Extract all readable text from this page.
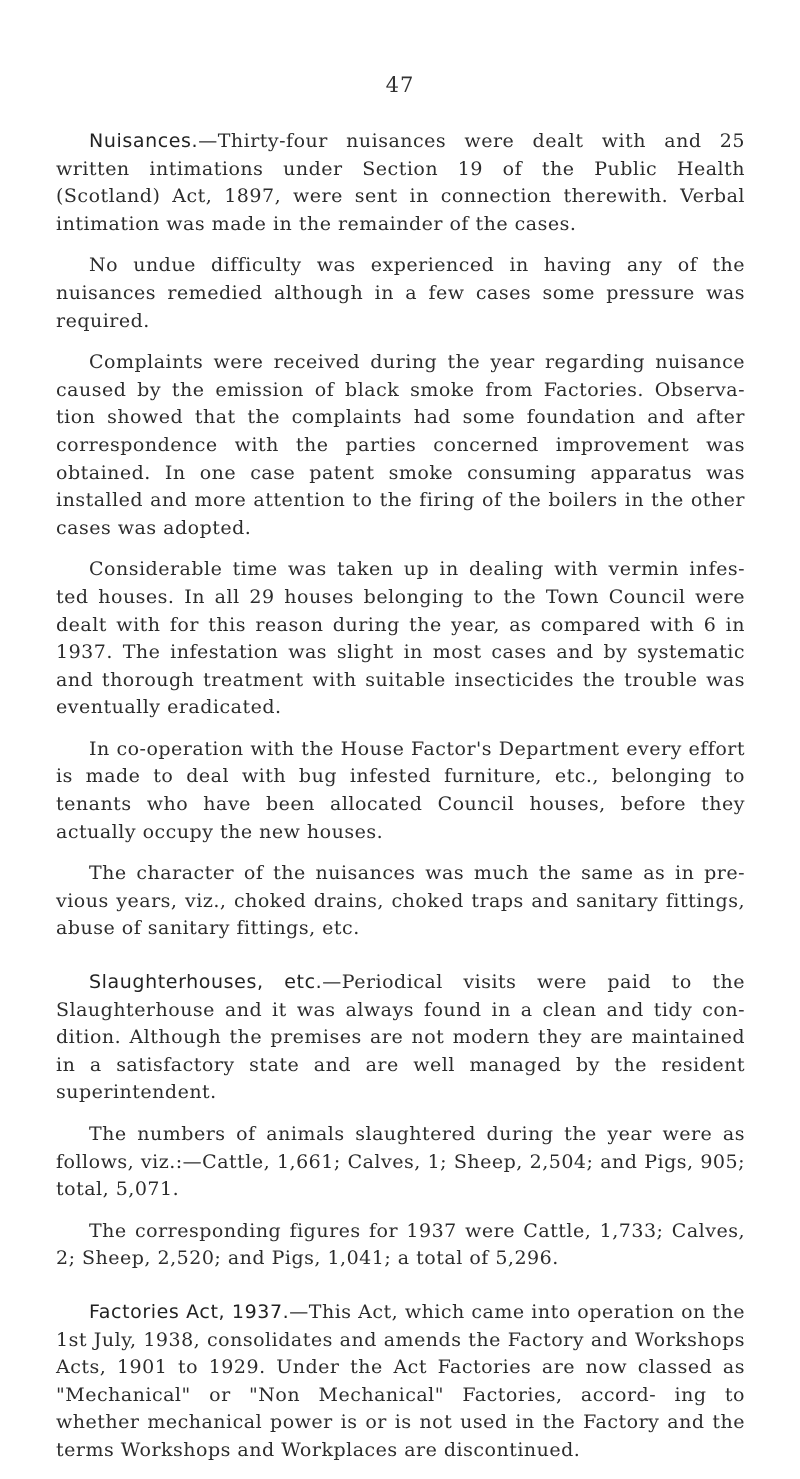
47

Nuisances.—Thirty-four nuisances were dealt with and 25 written intimations under Section 19 of the Public Health (Scotland) Act, 1897, were sent in connection therewith. Verbal intimation was made in the remainder of the cases.

No undue difficulty was experienced in having any of the nuisances remedied although in a few cases some pressure was required.

Complaints were received during the year regarding nuisance caused by the emission of black smoke from Factories. Observa- tion showed that the complaints had some foundation and after correspondence with the parties concerned improvement was obtained. In one case patent smoke consuming apparatus was installed and more attention to the firing of the boilers in the other cases was adopted.

Considerable time was taken up in dealing with vermin infes- ted houses. In all 29 houses belonging to the Town Council were dealt with for this reason during the year, as compared with 6 in 1937. The infestation was slight in most cases and by systematic and thorough treatment with suitable insecticides the trouble was eventually eradicated.

In co-operation with the House Factor's Department every effort is made to deal with bug infested furniture, etc., belonging to tenants who have been allocated Council houses, before they actually occupy the new houses.

The character of the nuisances was much the same as in pre- vious years, viz., choked drains, choked traps and sanitary fittings, abuse of sanitary fittings, etc.

Slaughterhouses, etc.—Periodical visits were paid to the Slaughterhouse and it was always found in a clean and tidy con- dition. Although the premises are not modern they are maintained in a satisfactory state and are well managed by the resident superintendent.

The numbers of animals slaughtered during the year were as follows, viz.:—Cattle, 1,661; Calves, 1; Sheep, 2,504; and Pigs, 905; total, 5,071.

The corresponding figures for 1937 were Cattle, 1,733; Calves, 2; Sheep, 2,520; and Pigs, 1,041; a total of 5,296.

Factories Act, 1937.—This Act, which came into operation on the 1st July, 1938, consolidates and amends the Factory and Workshops Acts, 1901 to 1929. Under the Act Factories are now classed as "Mechanical" or "Non Mechanical" Factories, accord- ing to whether mechanical power is or is not used in the Factory and the terms Workshops and Workplaces are discontinued.
